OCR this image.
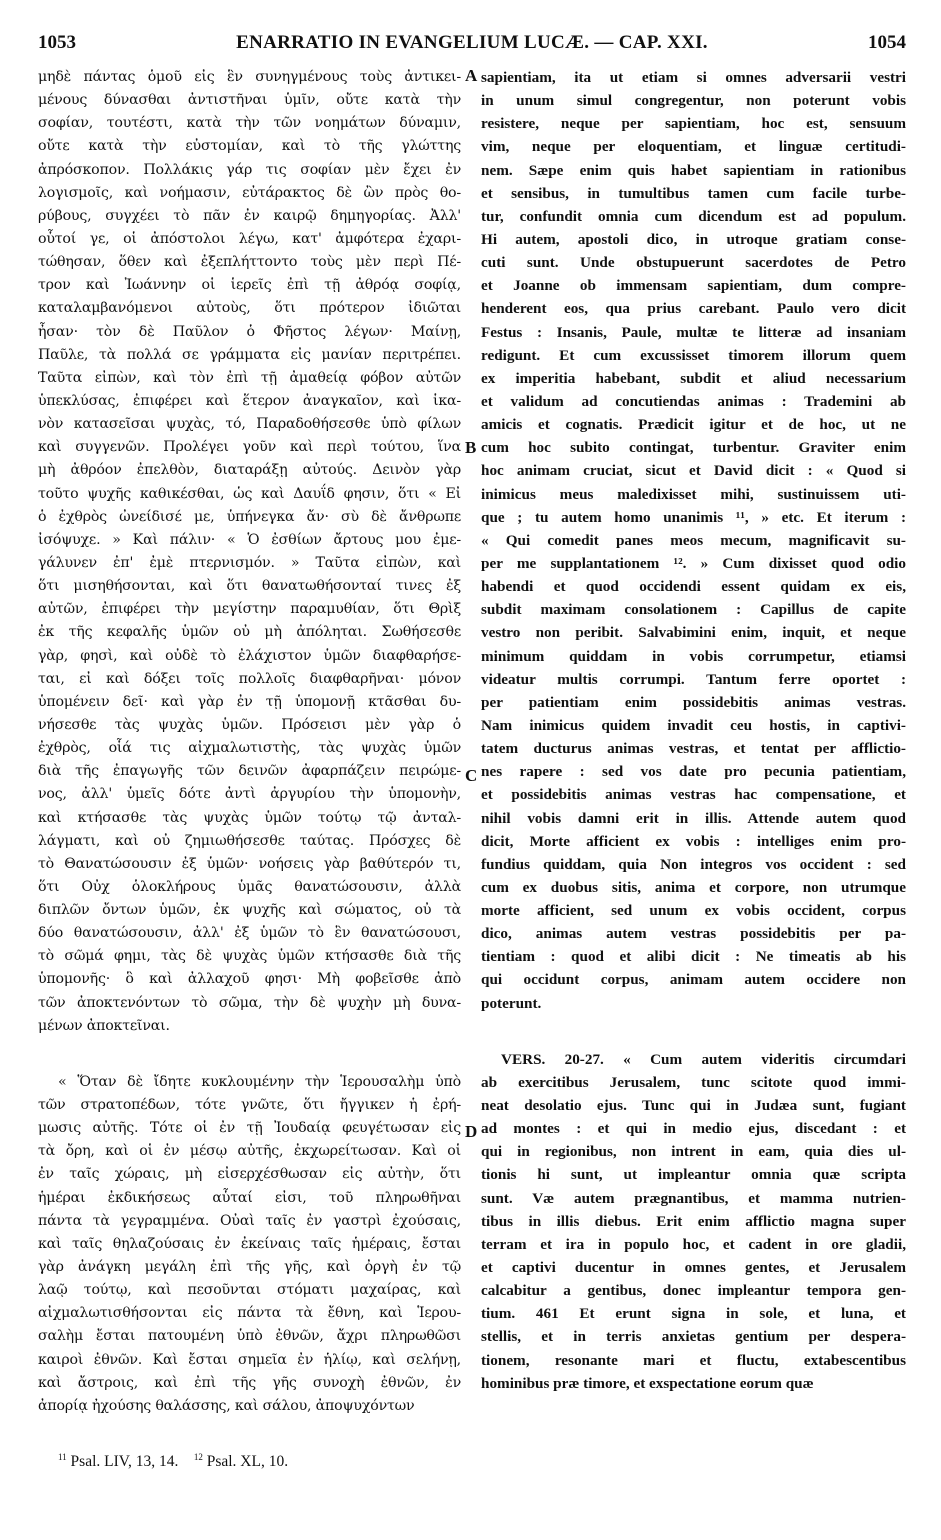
1053	ENARRATIO IN EVANGELIUM LUCÆ. — CAP. XXI.	1054
μηδὲ πάντας ὁμοῦ εἰς ἓν συνηγμένους τοὺς ἀντικει-
μένους δύνασθαι ἀντιστῆναι ὑμῖν, οὔτε κατὰ τὴν
σοφίαν, τουτέστι, κατὰ τὴν τῶν νοημάτων δύναμιν,
οὔτε κατὰ τὴν εὐστομίαν, καὶ τὸ τῆς γλώττης
ἀπρόσκοπον. Πολλάκις γάρ τις σοφίαν μὲν ἔχει ἐν
λογισμοῖς, καὶ νοήμασιν, εὐτάρακτος δὲ ὢν πρὸς θο-
ρύβους, συγχέει τὸ πᾶν ἐν καιρῷ δημηγορίας. Ἀλλ'
οὗτοί γε, οἱ ἀπόστολοι λέγω, κατ' ἀμφότερα ἐχαρι-
τώθησαν, ὅθεν καὶ ἐξεπλήττοντο τοὺς μὲν περὶ Πέ-
τρον καὶ Ἰωάννην οἱ ἱερεῖς ἐπὶ τῇ ἀθρόᾳ σοφίᾳ,
καταλαμβανόμενοι αὐτοὺς, ὅτι πρότερον ἰδιῶται
ἦσαν· τὸν δὲ Παῦλον ὁ Φῆστος λέγων· Μαίνῃ,
Παῦλε, τὰ πολλά σε γράμματα εἰς μανίαν περιτρέπει.
Ταῦτα εἰπὼν, καὶ τὸν ἐπὶ τῇ ἀμαθείᾳ φόβον αὐτῶν
ὑπεκλύσας, ἐπιφέρει καὶ ἕτερον ἀναγκαῖον, καὶ ἱκα-
νὸν κατασεῖσαι ψυχὰς, τό, Παραδοθήσεσθε ὑπὸ φίλων
καὶ συγγενῶν. Προλέγει γοῦν καὶ περὶ τούτου, ἵνα
μὴ ἀθρόον ἐπελθὸν, διαταράξῃ αὐτούς. Δεινὸν γὰρ
τοῦτο ψυχῆς καθικέσθαι, ὡς καὶ Δαυΐδ φησιν, ὅτι « Εἰ
ὁ ἐχθρὸς ὠνείδισέ με, ὑπήνεγκα ἄν· σὺ δὲ ἄνθρωπε
ἰσόψυχε. » Καὶ πάλιν· « Ὁ ἐσθίων ἄρτους μου ἐμε-
γάλυνεν ἐπ' ἐμὲ πτερνισμόν. » Ταῦτα εἰπὼν, καὶ
ὅτι μισηθήσονται, καὶ ὅτι θανατωθήσονταί τινες ἐξ
αὐτῶν, ἐπιφέρει τὴν μεγίστην παραμυθίαν, ὅτι Θρὶξ
ἐκ τῆς κεφαλῆς ὑμῶν οὐ μὴ ἀπόληται. Σωθήσεσθε
γὰρ, φησὶ, καὶ οὐδὲ τὸ ἐλάχιστον ὑμῶν διαφθαρήσε-
ται, εἰ καὶ δόξει τοῖς πολλοῖς διαφθαρῆναι· μόνον
ὑπομένειν δεῖ· καὶ γὰρ ἐν τῇ ὑπομονῇ κτᾶσθαι δυ-
νήσεσθε τὰς ψυχὰς ὑμῶν. Πρόσεισι μὲν γὰρ ὁ
ἐχθρὸς, οἷά τις αἰχμαλωτιστὴς, τὰς ψυχὰς ὑμῶν
διὰ τῆς ἐπαγωγῆς τῶν δεινῶν ἀφαρπάζειν πειρώμε-
νος, ἀλλ' ὑμεῖς δότε ἀντὶ ἀργυρίου τὴν ὑπομονὴν,
καὶ κτήσασθε τὰς ψυχὰς ὑμῶν τούτῳ τῷ ἀνταλ-
λάγματι, καὶ οὐ ζημιωθήσεσθε ταύτας. Πρόσχες δὲ
τὸ Θανατώσουσιν ἐξ ὑμῶν· νοήσεις γὰρ βαθύτερόν τι,
ὅτι Οὐχ ὁλοκλήρους ὑμᾶς θανατώσουσιν, ἀλλὰ
διπλῶν ὄντων ὑμῶν, ἐκ ψυχῆς καὶ σώματος, οὐ τὰ
δύο θανατώσουσιν, ἀλλ' ἐξ ὑμῶν τὸ ἓν θανατώσουσι,
τὸ σῶμά φημι, τὰς δὲ ψυχὰς ὑμῶν κτήσασθε διὰ τῆς
ὑπομονῆς· ὃ καὶ ἀλλαχοῦ φησι· Μὴ φοβεῖσθε ἀπὸ
τῶν ἀποκτενόντων τὸ σῶμα, τὴν δὲ ψυχὴν μὴ δυνα-
μένων ἀποκτεῖναι.
« Ὅταν δὲ ἴδητε κυκλουμένην τὴν Ἱερουσαλὴμ ὑπὸ
τῶν στρατοπέδων, τότε γνῶτε, ὅτι ἤγγικεν ἡ ἐρή-
μωσις αὐτῆς. Τότε οἱ ἐν τῇ Ἰουδαίᾳ φευγέτωσαν εἰς
τὰ ὄρη, καὶ οἱ ἐν μέσῳ αὐτῆς, ἐκχωρείτωσαν. Καὶ οἱ
ἐν ταῖς χώραις, μὴ εἰσερχέσθωσαν εἰς αὐτὴν, ὅτι
ἡμέραι ἐκδικήσεως αὗταί εἰσι, τοῦ πληρωθῆναι
πάντα τὰ γεγραμμένα. Οὐαὶ ταῖς ἐν γαστρὶ ἐχούσαις,
καὶ ταῖς θηλαζούσαις ἐν ἐκείναις ταῖς ἡμέραις, ἔσται
γὰρ ἀνάγκη μεγάλη ἐπὶ τῆς γῆς, καὶ ὀργὴ ἐν τῷ
λαῷ τούτῳ, καὶ πεσοῦνται στόματι μαχαίρας, καὶ
αἰχμαλωτισθήσονται εἰς πάντα τὰ ἔθνη, καὶ Ἱερου-
σαλὴμ ἔσται πατουμένη ὑπὸ ἐθνῶν, ἄχρι πληρωθῶσι
καιροὶ ἐθνῶν. Καὶ ἔσται σημεῖα ἐν ἡλίῳ, καὶ σελήνῃ,
καὶ ἄστροις, καὶ ἐπὶ τῆς γῆς συνοχὴ ἐθνῶν, ἐν
ἀπορίᾳ ἠχούσης θαλάσσης, καὶ σάλου, ἀποψυχόντων
sapientiam, ita ut etiam si omnes adversarii vestri
in unum simul congregentur, non poterunt vobis
resistere, neque per sapientiam, hoc est, sensuum
vim, neque per eloquentiam, et linguæ certitudi-
nem. Sæpe enim quis habet sapientiam in rationibus
et sensibus, in tumultibus tamen cum facile turbe-
tur, confundit omnia cum dicendum est ad populum.
Hi autem, apostoli dico, in utroque gratiam conse-
cuti sunt. Unde obstupuerunt sacerdotes de Petro
et Joanne ob immensam sapientiam, dum compre-
henderent eos, qua prius carebant. Paulo vero dicit
Festus : Insanis, Paule, multæ te litteræ ad insaniam
redigunt. Et cum excussisset timorem illorum quem
ex imperitia habebant, subdit et aliud necessarium
et validum ad concutiendas animas : Trademini ab
amicis et cognatis. Prædicit igitur et de hoc, ut ne
cum hoc subito contingat, turbentur. Graviter enim
hoc animam cruciat, sicut et David dicit : « Quod si
inimicus meus maledixisset mihi, sustinuissem uti-
que ; tu autem homo unanimis ¹¹, » etc. Et iterum :
« Qui comedit panes meos mecum, magnificavit su-
per me supplantationem ¹². » Cum dixisset quod odio
habendi et quod occidendi essent quidam ex eis,
subdit maximam consolationem : Capillus de capite
vestro non peribit. Salvabimini enim, inquit, et neque
minimum quiddam in vobis corrumpetur, etiamsi
videatur multis corrumpi. Tantum ferre oportet :
per patientiam enim possidebitis animas vestras.
Nam inimicus quidem invadit ceu hostis, in captivi-
tatem ducturus animas vestras, et tentat per afflictio-
nes rapere : sed vos date pro pecunia patientiam,
et possidebitis animas vestras hac compensatione, et
nihil vobis damni erit in illis. Attende autem quod
dicit, Morte afficient ex vobis : intelliges enim pro-
fundius quiddam, quia Non integros vos occident : sed
cum ex duobus sitis, anima et corpore, non utrumque
morte afficient, sed unum ex vobis occident, corpus
dico, animas autem vestras possidebitis per pa-
tientiam : quod et alibi dicit : Ne timeatis ab his
qui occidunt corpus, animam autem occidere non
poterunt.
VERS. 20-27. « Cum autem videritis circumdari
ab exercitibus Jerusalem, tunc scitote quod immi-
neat desolatio ejus. Tunc qui in Judæa sunt, fugiant
ad montes : et qui in medio ejus, discedant : et
qui in regionibus, non intrent in eam, quia dies ul-
tionis hi sunt, ut impleantur omnia quæ scripta
sunt. Væ autem prægnantibus, et mamma nutrien-
tibus in illis diebus. Erit enim afflictio magna super
terram et ira in populo hoc, et cadent in ore gladii,
et captivi ducentur in omnes gentes, et Jerusalem
calcabitur a gentibus, donec impleantur tempora gen-
tium. 461 Et erunt signa in sole, et luna, et
stellis, et in terris anxietas gentium per despera-
tionem, resonante mari et fluctu, extabescentibus
hominibus præ timore, et exspectatione eorum quæ
A
B
C
D
$^{11}$ Psal. LIV, 13, 14. $^{12}$ Psal. XL, 10.
